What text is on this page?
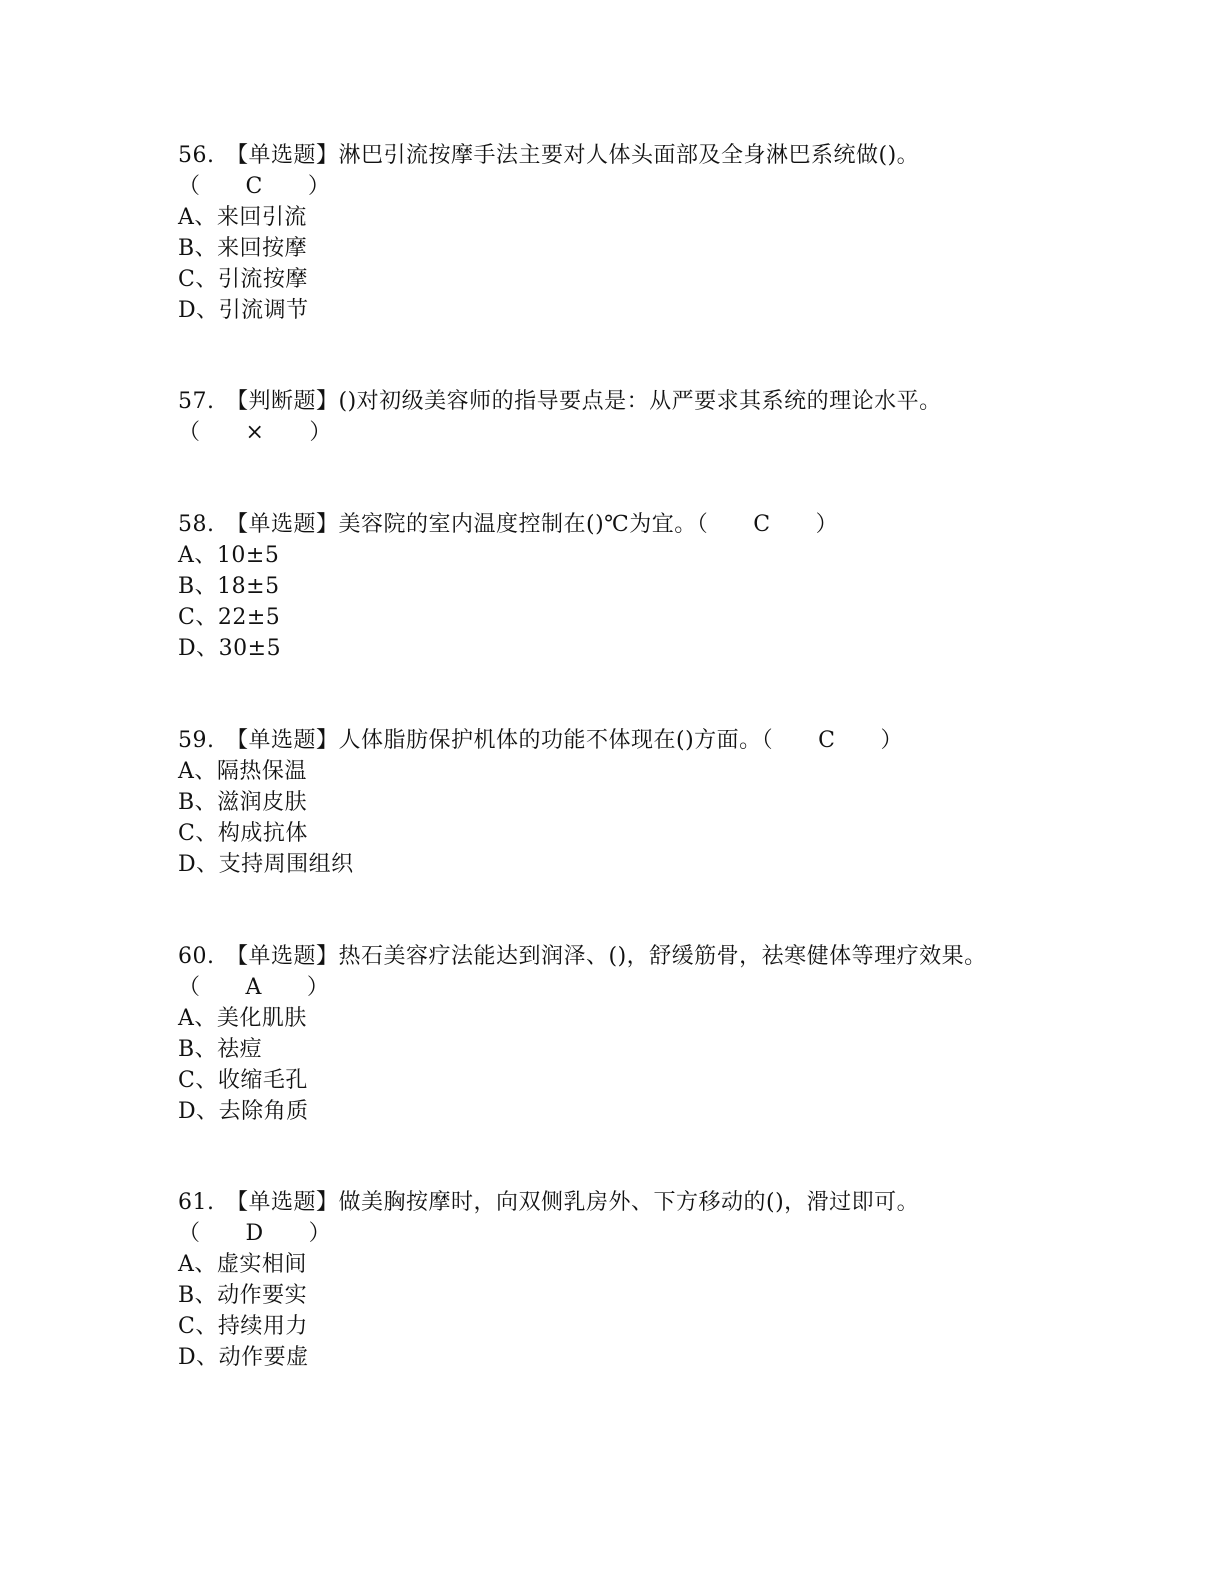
56.　【单选题】淋巴引流按摩手法主要对人体头面部及全身淋巴系统做()。
（　　C　　）
A、来回引流
B、来回按摩
C、引流按摩
D、引流调节
57.　【判断题】()对初级美容师的指导要点是：从严要求其系统的理论水平。
（　　×　　）
58.　【单选题】美容院的室内温度控制在()℃为宜。（　　C　　）
A、10±5
B、18±5
C、22±5
D、30±5
59.　【单选题】人体脂肪保护机体的功能不体现在()方面。（　　C　　）
A、隔热保温
B、滋润皮肤
C、构成抗体
D、支持周围组织
60.　【单选题】热石美容疗法能达到润泽、()，舒缓筋骨，祛寒健体等理疗效果。
（　　A　　）
A、美化肌肤
B、祛痘
C、收缩毛孔
D、去除角质
61.　【单选题】做美胸按摩时，向双侧乳房外、下方移动的()，滑过即可。
（　　D　　）
A、虚实相间
B、动作要实
C、持续用力
D、动作要虚
